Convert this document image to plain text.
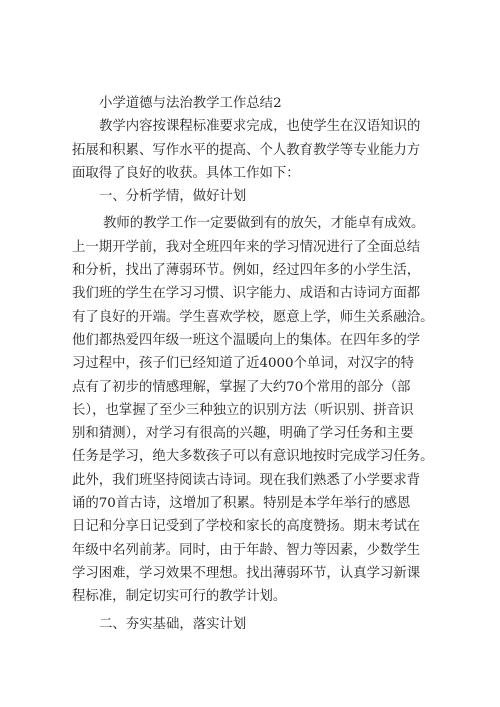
小学道德与法治教学工作总结2
教学内容按课程标准要求完成，也使学生在汉语知识的
拓展和积累、写作水平的提高、个人教育教学等专业能力方
面取得了良好的收获。具体工作如下：
一、分析学情，做好计划
教师的教学工作一定要做到有的放矢，才能卓有成效。
上一期开学前，我对全班四年来的学习情况进行了全面总结
和分析，找出了薄弱环节。例如，经过四年多的小学生活，
我们班的学生在学习习惯、识字能力、成语和古诗词方面都
有了良好的开端。学生喜欢学校，愿意上学，师生关系融洽。
他们都热爱四年级一班这个温暖向上的集体。在四年多的学
习过程中，孩子们已经知道了近4000个单词，对汉字的特
点有了初步的情感理解，掌握了大约70个常用的部分（部
长），也掌握了至少三种独立的识别方法（听识别、拼音识
别和猜测），对学习有很高的兴趣，明确了学习任务和主要
任务是学习，绝大多数孩子可以有意识地按时完成学习任务。
此外，我们班坚持阅读古诗词。现在我们熟悉了小学要求背
诵的70首古诗，这增加了积累。特别是本学年举行的感恩
日记和分享日记受到了学校和家长的高度赞扬。期末考试在
年级中名列前茅。同时，由于年龄、智力等因素，少数学生
学习困难，学习效果不理想。找出薄弱环节，认真学习新课
程标准，制定切实可行的教学计划。
二、夯实基础，落实计划
